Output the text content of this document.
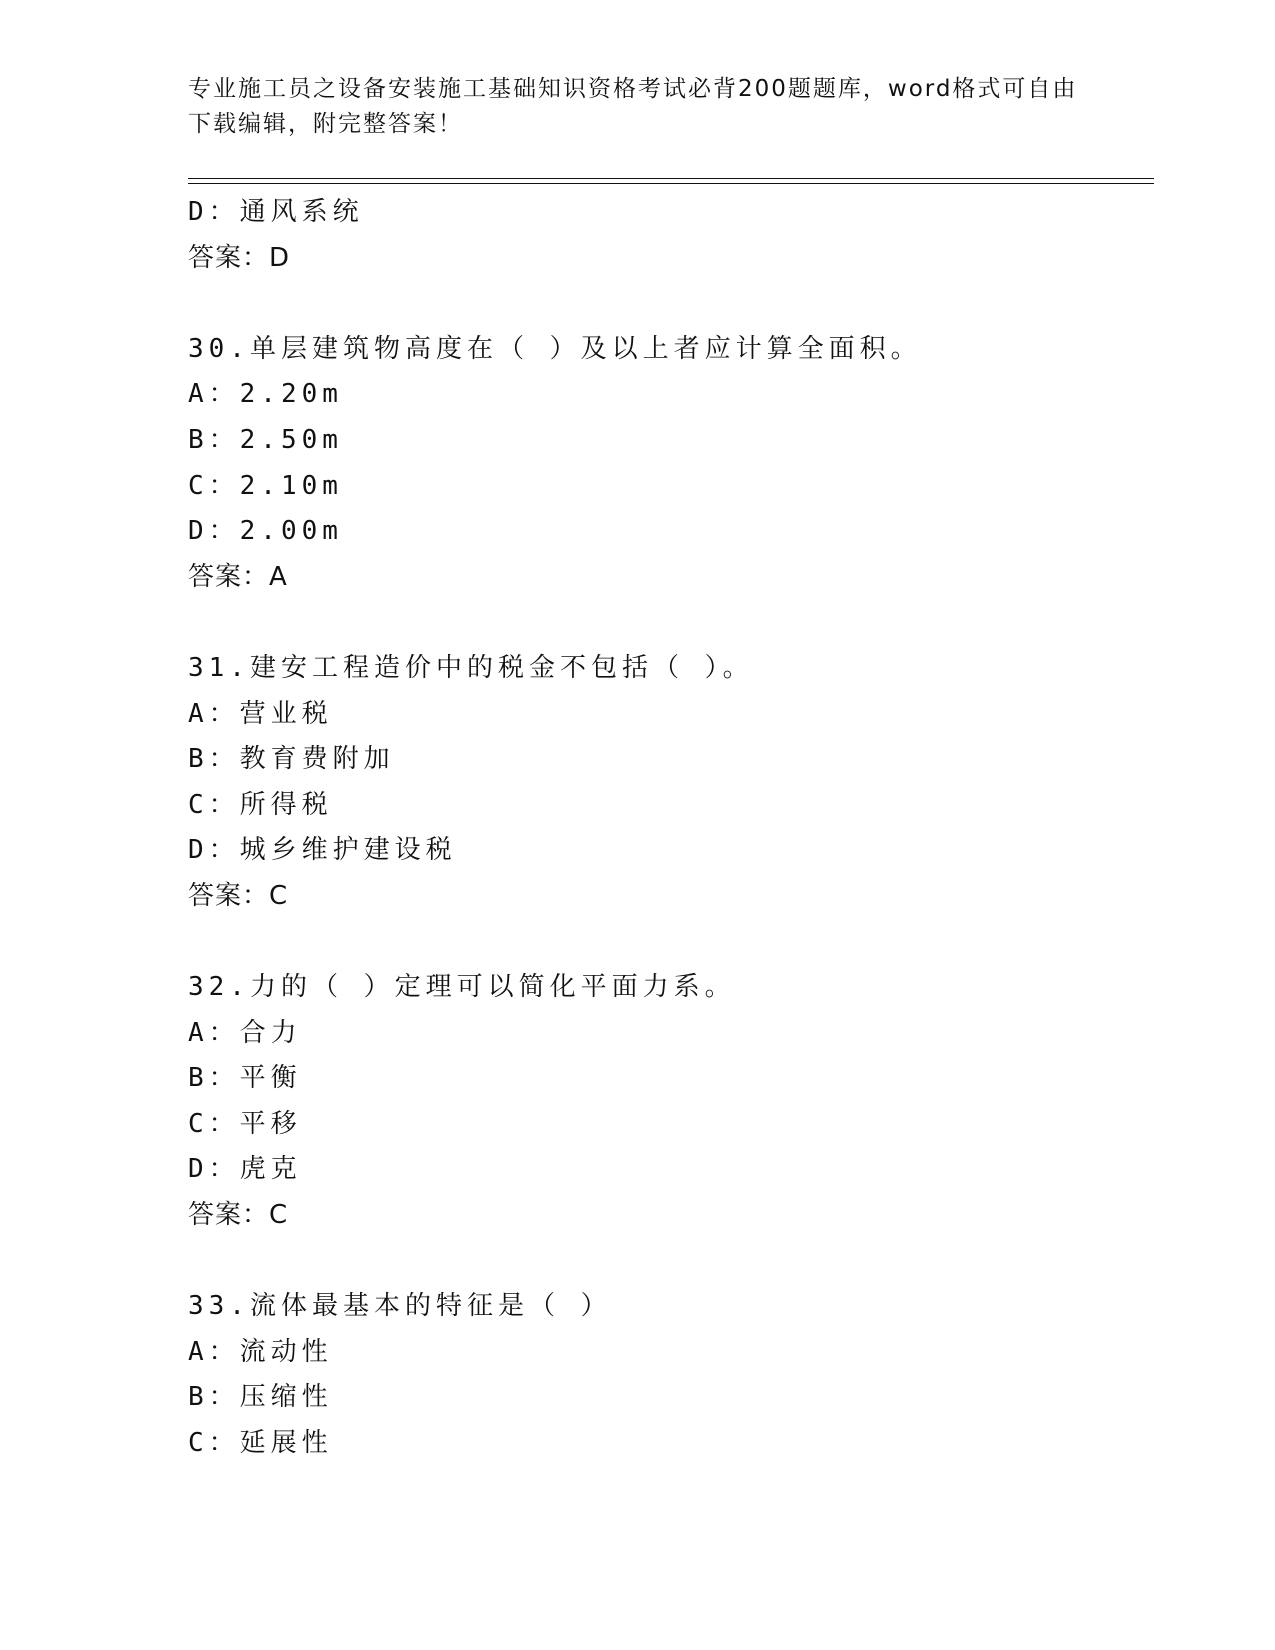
专业施工员之设备安装施工基础知识资格考试必背200题题库，word格式可自由
下载编辑，附完整答案！
D：通风系统
答案：D
30.单层建筑物高度在（ ）及以上者应计算全面积。
A：2.20m
B：2.50m
C：2.10m
D：2.00m
答案：A
31.建安工程造价中的税金不包括（ ）。
A：营业税
B：教育费附加
C：所得税
D：城乡维护建设税
答案：C
32.力的（ ）定理可以简化平面力系。
A：合力
B：平衡
C：平移
D：虎克
答案：C
33.流体最基本的特征是（ ）
A：流动性
B：压缩性
C：延展性
